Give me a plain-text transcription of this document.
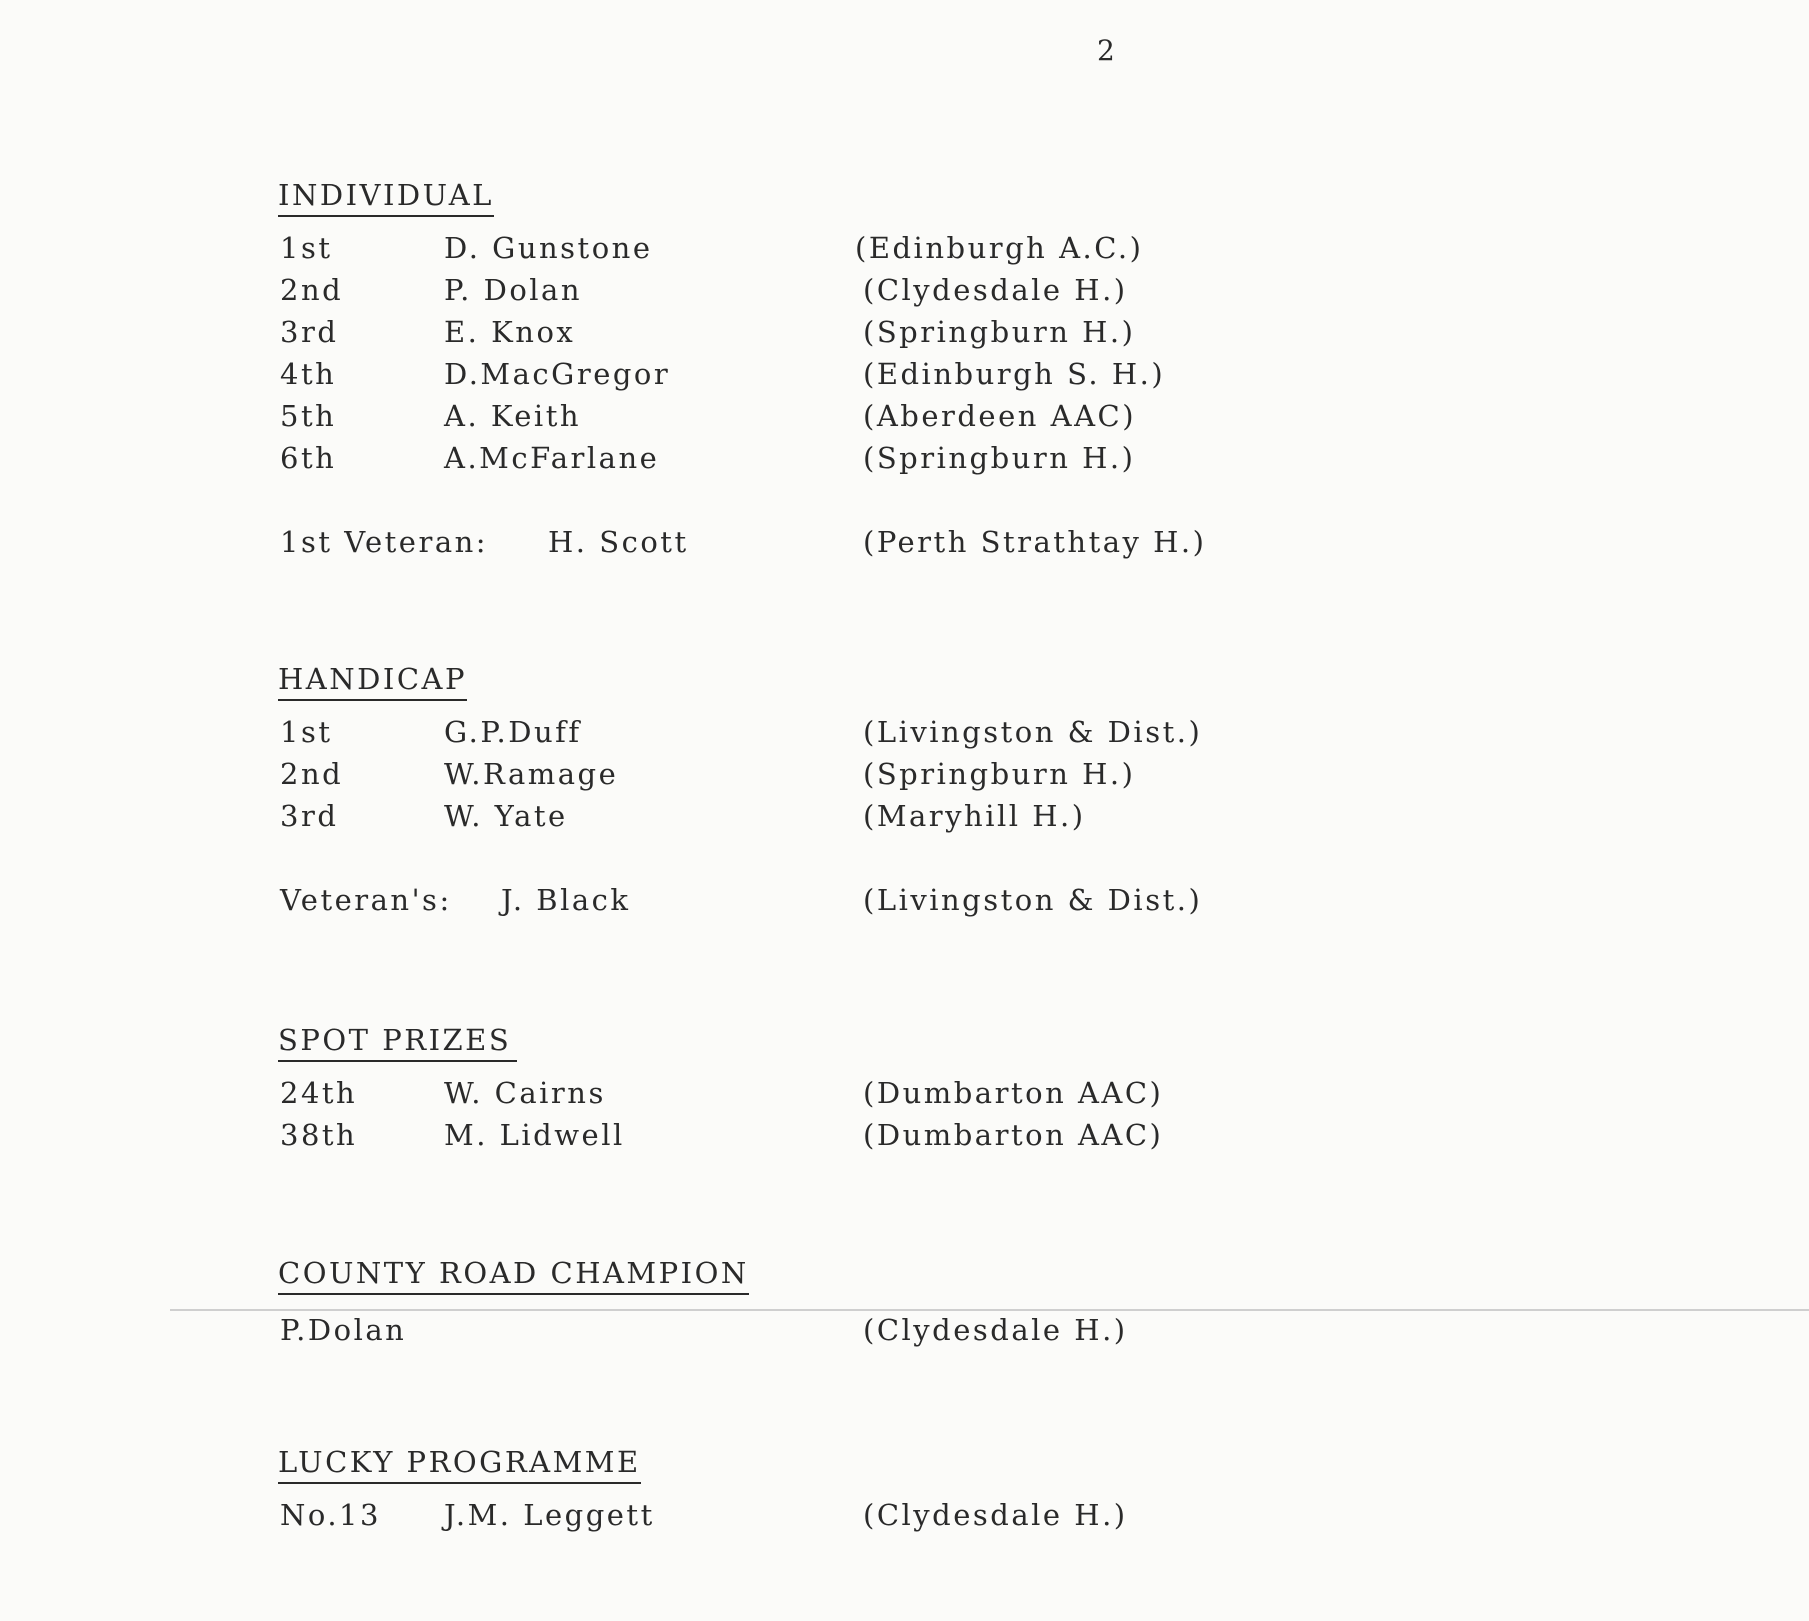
2
INDIVIDUAL
1st	D. Gunstone	(Edinburgh A.C.)
2nd	P. Dolan	(Clydesdale H.)
3rd	E. Knox	(Springburn H.)
4th	D.MacGregor	(Edinburgh S. H.)
5th	A. Keith	(Aberdeen AAC)
6th	A.McFarlane	(Springburn H.)
1st Veteran: H. Scott	(Perth Strathtay H.)
HANDICAP
1st	G.P.Duff	(Livingston & Dist.)
2nd	W.Ramage	(Springburn H.)
3rd	W. Yate	(Maryhill H.)
Veteran's: J. Black	(Livingston & Dist.)
SPOT PRIZES
24th	W. Cairns	(Dumbarton AAC)
38th	M. Lidwell	(Dumbarton AAC)
COUNTY ROAD CHAMPION
P.Dolan	(Clydesdale H.)
LUCKY PROGRAMME
No.13 J.M. Leggett	(Clydesdale H.)
